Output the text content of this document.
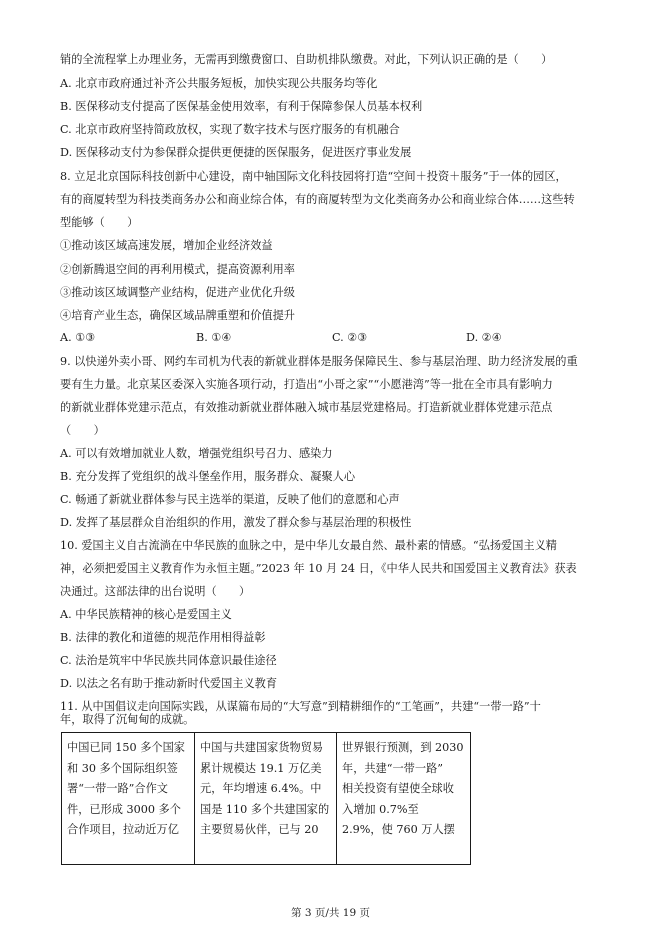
销的全流程掌上办理业务，无需再到缴费窗口、自助机排队缴费。对此，下列认识正确的是（　　）
A. 北京市政府通过补齐公共服务短板，加快实现公共服务均等化
B. 医保移动支付提高了医保基金使用效率，有利于保障参保人员基本权利
C. 北京市政府坚持简政放权，实现了数字技术与医疗服务的有机融合
D. 医保移动支付为参保群众提供更便捷的医保服务，促进医疗事业发展
8. 立足北京国际科技创新中心建设，南中轴国际文化科技园将打造“空间＋投资＋服务”于一体的园区，
有的商厦转型为科技类商务办公和商业综合体，有的商厦转型为文化类商务办公和商业综合体……这些转
型能够（　　）
①推动该区域高速发展，增加企业经济效益
②创新腾退空间的再利用模式，提高资源利用率
③推动该区域调整产业结构，促进产业优化升级
④培育产业生态，确保区域品牌重塑和价值提升
A. ①③	B. ①④	C. ②③	D. ②④
9. 以快递外卖小哥、网约车司机为代表的新就业群体是服务保障民生、参与基层治理、助力经济发展的重
要有生力量。北京某区委深入实施各项行动，打造出“小哥之家”“小愿港湾”等一批在全市具有影响力
的新就业群体党建示范点，有效推动新就业群体融入城市基层党建格局。打造新就业群体党建示范点
（　　）
A. 可以有效增加就业人数，增强党组织号召力、感染力
B. 充分发挥了党组织的战斗堡垒作用，服务群众、凝聚人心
C. 畅通了新就业群体参与民主选举的渠道，反映了他们的意愿和心声
D. 发挥了基层群众自治组织的作用，激发了群众参与基层治理的积极性
10. 爱国主义自古流淌在中华民族的血脉之中，是中华儿女最自然、最朴素的情感。“弘扬爱国主义精
神，必须把爱国主义教育作为永恒主题。”2023 年 10 月 24 日，《中华人民共和国爱国主义教育法》获表
决通过。这部法律的出台说明（　　）
A. 中华民族精神的核心是爱国主义
B. 法律的教化和道德的规范作用相得益彰
C. 法治是筑牢中华民族共同体意识最佳途径
D. 以法之名有助于推动新时代爱国主义教育
11. 从中国倡议走向国际实践，从谋篇布局的“大写意”到精耕细作的“工笔画”，共建“一带一路”十
年，取得了沉甸甸的成就。
中国已同 150 多个国家
和 30 多个国际组织签
署“一带一路”合作文
件，已形成 3000 多个
合作项目，拉动近万亿

中国与共建国家货物贸易
累计规模达 19.1 万亿美
元，年均增速 6.4%。中
国是 110 多个共建国家的
主要贸易伙伴，已与 20

世界银行预测，到 2030
年，共建“一带一路”
相关投资有望使全球收
入增加 0.7%至
2.9%，使 760 万人摆
第 3 页/共 19 页
